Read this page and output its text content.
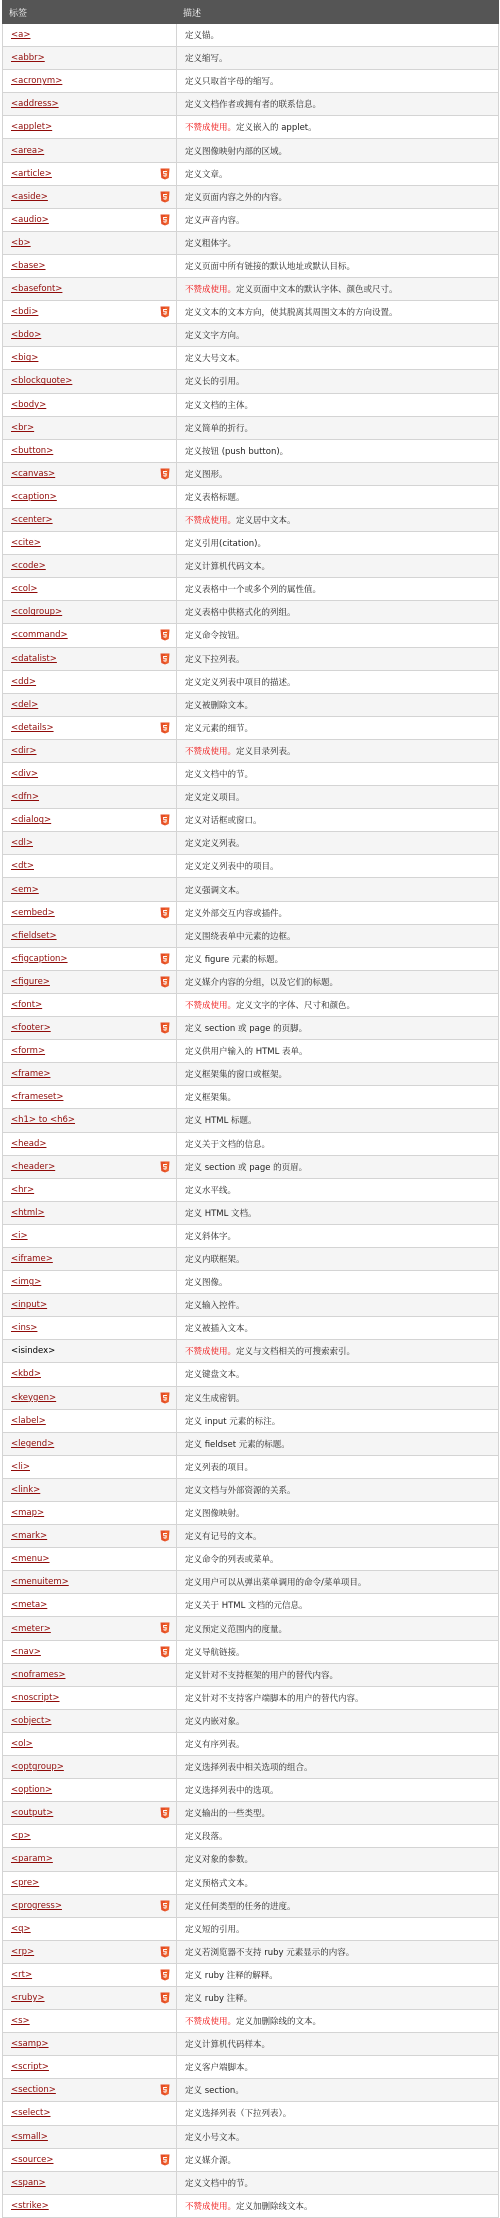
标签	描述
<a>	定义锚。
<abbr>	定义缩写。
<acronym>	定义只取首字母的缩写。
<address>	定义文档作者或拥有者的联系信息。
<applet>	不赞成使用。定义嵌入的 applet。
<area>	定义图像映射内部的区域。
<article>	定义文章。
<aside>	定义页面内容之外的内容。
<audio>	定义声音内容。
<b>	定义粗体字。
<base>	定义页面中所有链接的默认地址或默认目标。
<basefont>	不赞成使用。定义页面中文本的默认字体、颜色或尺寸。
<bdi>	定义文本的文本方向，使其脱离其周围文本的方向设置。
<bdo>	定义文字方向。
<big>	定义大号文本。
<blockquote>	定义长的引用。
<body>	定义文档的主体。
<br>	定义简单的折行。
<button>	定义按钮 (push button)。
<canvas>	定义图形。
<caption>	定义表格标题。
<center>	不赞成使用。定义居中文本。
<cite>	定义引用(citation)。
<code>	定义计算机代码文本。
<col>	定义表格中一个或多个列的属性值。
<colgroup>	定义表格中供格式化的列组。
<command>	定义命令按钮。
<datalist>	定义下拉列表。
<dd>	定义定义列表中项目的描述。
<del>	定义被删除文本。
<details>	定义元素的细节。
<dir>	不赞成使用。定义目录列表。
<div>	定义文档中的节。
<dfn>	定义定义项目。
<dialog>	定义对话框或窗口。
<dl>	定义定义列表。
<dt>	定义定义列表中的项目。
<em>	定义强调文本。
<embed>	定义外部交互内容或插件。
<fieldset>	定义围绕表单中元素的边框。
<figcaption>	定义 figure 元素的标题。
<figure>	定义媒介内容的分组，以及它们的标题。
<font>	不赞成使用。定义文字的字体、尺寸和颜色。
<footer>	定义 section 或 page 的页脚。
<form>	定义供用户输入的 HTML 表单。
<frame>	定义框架集的窗口或框架。
<frameset>	定义框架集。
<h1> to <h6>	定义 HTML 标题。
<head>	定义关于文档的信息。
<header>	定义 section 或 page 的页眉。
<hr>	定义水平线。
<html>	定义 HTML 文档。
<i>	定义斜体字。
<iframe>	定义内联框架。
<img>	定义图像。
<input>	定义输入控件。
<ins>	定义被插入文本。
<isindex>	不赞成使用。定义与文档相关的可搜索索引。
<kbd>	定义键盘文本。
<keygen>	定义生成密钥。
<label>	定义 input 元素的标注。
<legend>	定义 fieldset 元素的标题。
<li>	定义列表的项目。
<link>	定义文档与外部资源的关系。
<map>	定义图像映射。
<mark>	定义有记号的文本。
<menu>	定义命令的列表或菜单。
<menuitem>	定义用户可以从弹出菜单调用的命令/菜单项目。
<meta>	定义关于 HTML 文档的元信息。
<meter>	定义预定义范围内的度量。
<nav>	定义导航链接。
<noframes>	定义针对不支持框架的用户的替代内容。
<noscript>	定义针对不支持客户端脚本的用户的替代内容。
<object>	定义内嵌对象。
<ol>	定义有序列表。
<optgroup>	定义选择列表中相关选项的组合。
<option>	定义选择列表中的选项。
<output>	定义输出的一些类型。
<p>	定义段落。
<param>	定义对象的参数。
<pre>	定义预格式文本。
<progress>	定义任何类型的任务的进度。
<q>	定义短的引用。
<rp>	定义若浏览器不支持 ruby 元素显示的内容。
<rt>	定义 ruby 注释的解释。
<ruby>	定义 ruby 注释。
<s>	不赞成使用。定义加删除线的文本。
<samp>	定义计算机代码样本。
<script>	定义客户端脚本。
<section>	定义 section。
<select>	定义选择列表（下拉列表）。
<small>	定义小号文本。
<source>	定义媒介源。
<span>	定义文档中的节。
<strike>	不赞成使用。定义加删除线文本。
